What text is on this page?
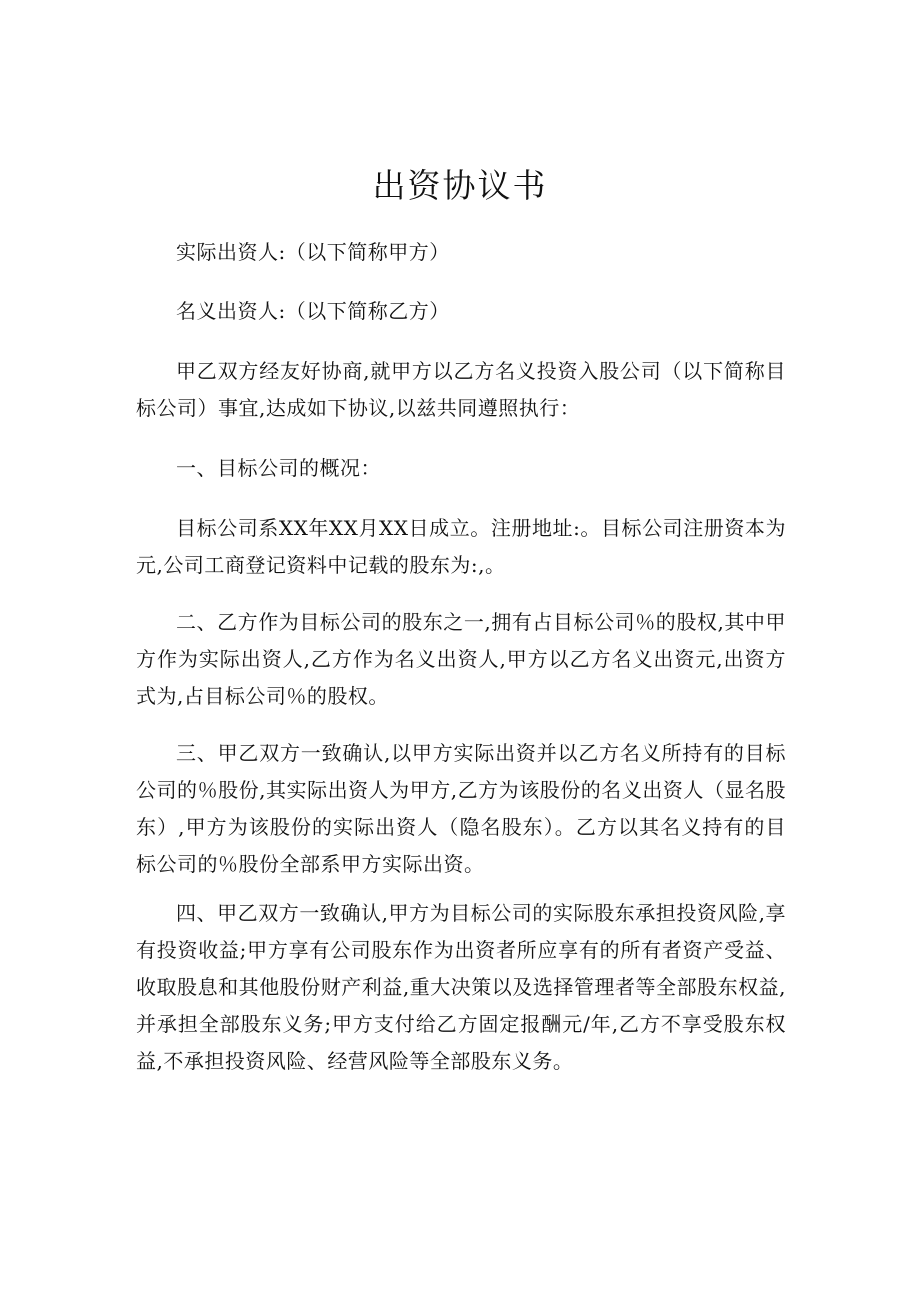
出资协议书

实际出资人:（以下简称甲方）

名义出资人:（以下简称乙方）

甲乙双方经友好协商,就甲方以乙方名义投资入股公司（以下简称目标公司）事宜,达成如下协议,以兹共同遵照执行：

一、目标公司的概况：

目标公司系XX年XX月XX日成立。注册地址:。目标公司注册资本为元,公司工商登记资料中记载的股东为:,。

二、乙方作为目标公司的股东之一,拥有占目标公司％的股权,其中甲方作为实际出资人,乙方作为名义出资人,甲方以乙方名义出资元,出资方式为,占目标公司％的股权。

三、甲乙双方一致确认,以甲方实际出资并以乙方名义所持有的目标公司的％股份,其实际出资人为甲方,乙方为该股份的名义出资人（显名股东）,甲方为该股份的实际出资人（隐名股东）。乙方以其名义持有的目标公司的％股份全部系甲方实际出资。

四、甲乙双方一致确认,甲方为目标公司的实际股东承担投资风险,享有投资收益;甲方享有公司股东作为出资者所应享有的所有者资产受益、收取股息和其他股份财产利益,重大决策以及选择管理者等全部股东权益,并承担全部股东义务;甲方支付给乙方固定报酬元/年,乙方不享受股东权益,不承担投资风险、经营风险等全部股东义务。
